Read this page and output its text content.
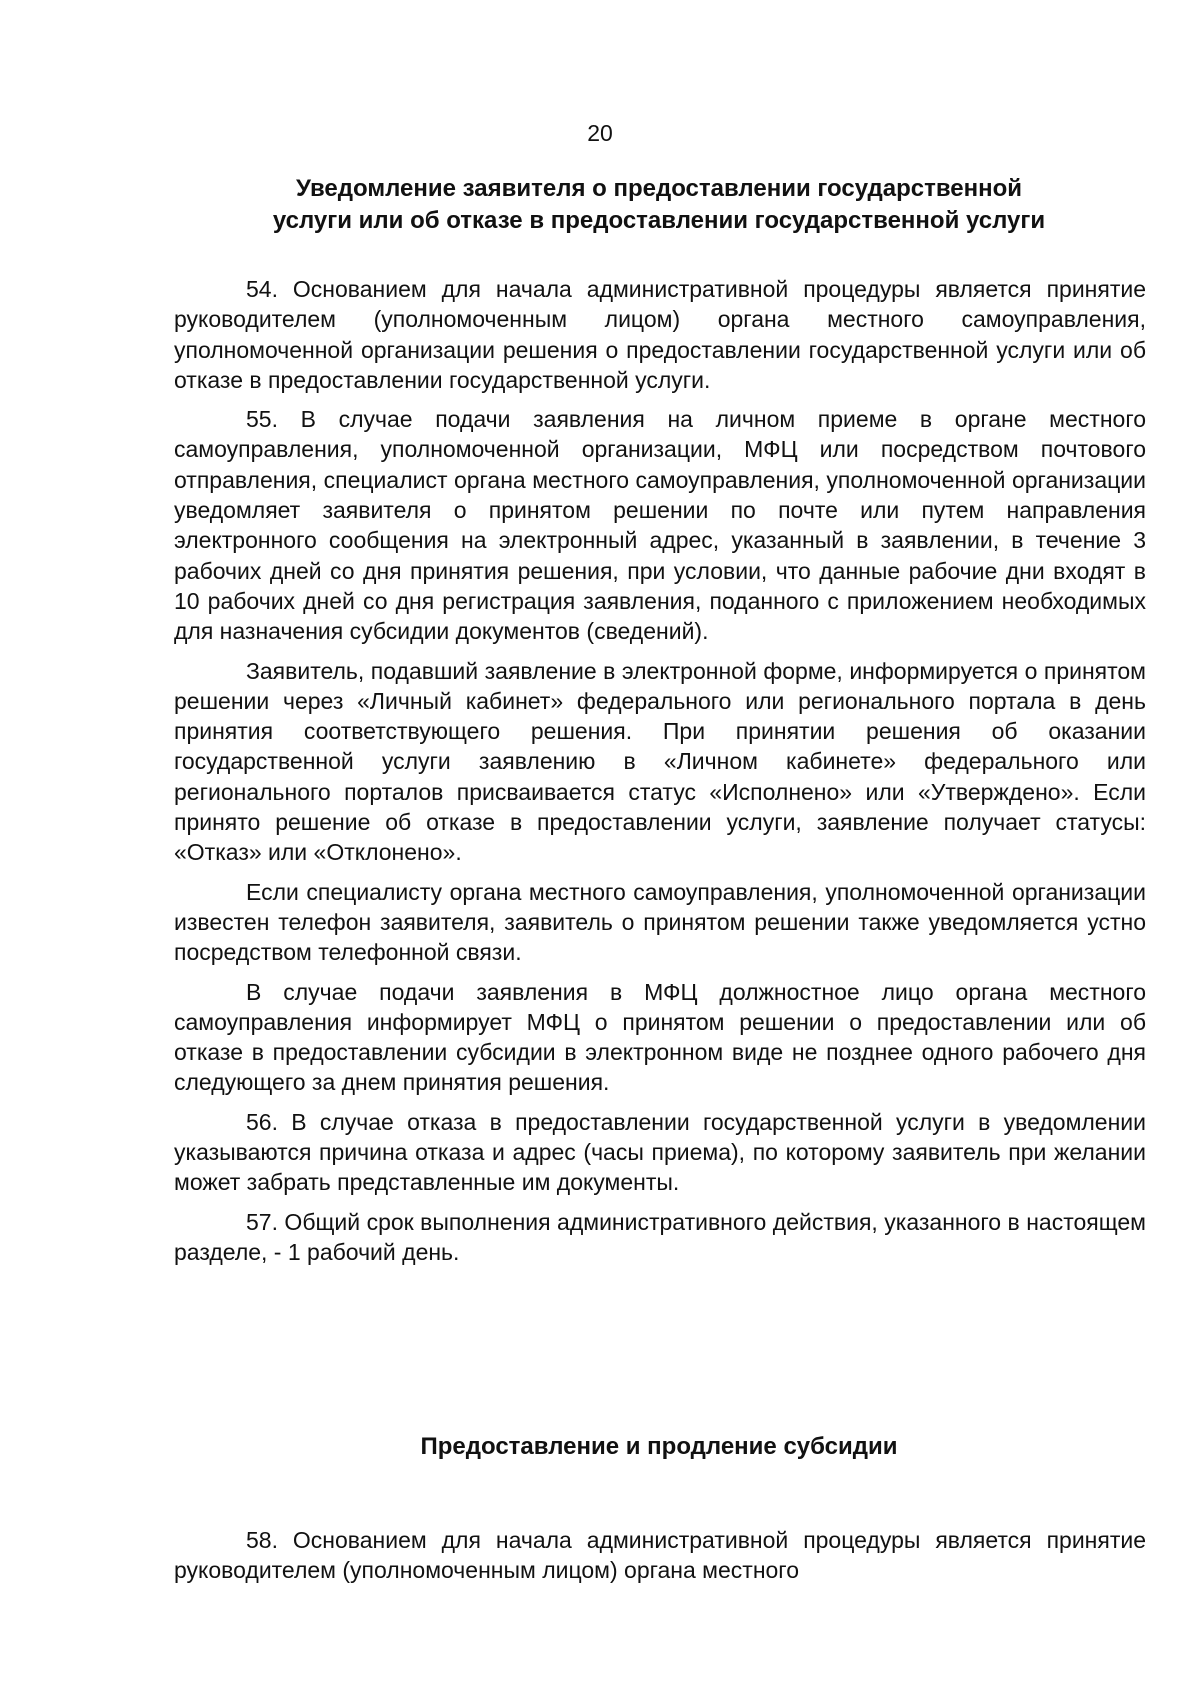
20
Уведомление заявителя о предоставлении государственной
услуги или об отказе в предоставлении государственной услуги

54. Основанием для начала административной процедуры является принятие руководителем (уполномоченным лицом) органа местного самоуправления, уполномоченной организации решения о предоставлении государственной услуги или об отказе в предоставлении государственной услуги.

55. В случае подачи заявления на личном приеме в органе местного самоуправления, уполномоченной организации, МФЦ или посредством почтового отправления, специалист органа местного самоуправления, уполномоченной организации уведомляет заявителя о принятом решении по почте или путем направления электронного сообщения на электронный адрес, указанный в заявлении, в течение 3 рабочих дней со дня принятия решения, при условии, что данные рабочие дни входят в 10 рабочих дней со дня регистрация заявления, поданного с приложением необходимых для назначения субсидии документов (сведений).

Заявитель, подавший заявление в электронной форме, информируется о принятом решении через «Личный кабинет» федерального или регионального портала в день принятия соответствующего решения. При принятии решения об оказании государственной услуги заявлению в «Личном кабинете» федерального или регионального порталов присваивается статус «Исполнено» или «Утверждено». Если принято решение об отказе в предоставлении услуги, заявление получает статусы: «Отказ» или «Отклонено».

Если специалисту органа местного самоуправления, уполномоченной организации известен телефон заявителя, заявитель о принятом решении также уведомляется устно посредством телефонной связи.

В случае подачи заявления в МФЦ должностное лицо органа местного самоуправления информирует МФЦ о принятом решении о предоставлении или об отказе в предоставлении субсидии в электронном виде не позднее одного рабочего дня следующего за днем принятия решения.

56. В случае отказа в предоставлении государственной услуги в уведомлении указываются причина отказа и адрес (часы приема), по которому заявитель при желании может забрать представленные им документы.

57. Общий срок выполнения административного действия, указанного в настоящем разделе, - 1 рабочий день.

Предоставление и продление субсидии

58. Основанием для начала административной процедуры является принятие руководителем (уполномоченным лицом) органа местного
